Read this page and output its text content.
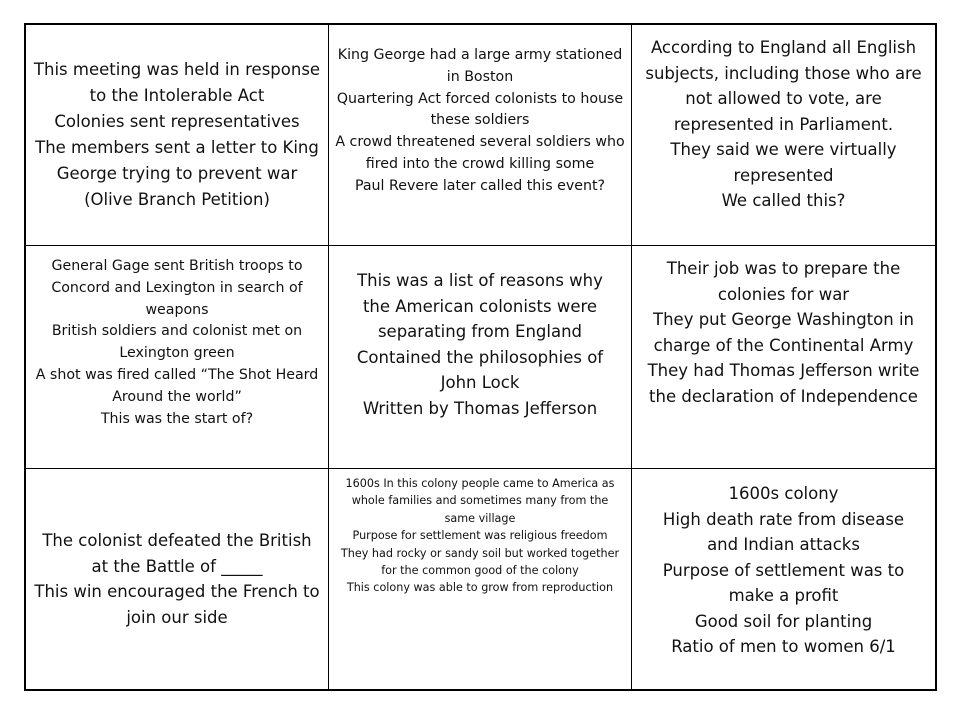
This meeting was held in response to the Intolerable Act
Colonies sent representatives
The members sent a letter to King George trying to prevent war (Olive Branch Petition)
King George had a large army stationed in Boston
Quartering Act forced colonists to house these soldiers
A crowd threatened several soldiers who fired into the crowd killing some
Paul Revere later called this event?
According to England all English subjects, including those who are not allowed to vote, are represented in Parliament.
They said we were virtually represented
We called this?
General Gage sent British troops to Concord and Lexington in search of weapons
British soldiers and colonist met on Lexington green
A shot was fired called “The Shot Heard Around the world”
This was the start of?
This was a list of reasons why the American colonists were separating from England
Contained the philosophies of John Lock
Written by Thomas Jefferson
Their job was to prepare the colonies for war
They put George Washington in charge of the Continental Army
They had Thomas Jefferson write the declaration of Independence
The colonist defeated the British at the Battle of _____
This win encouraged the French to join our side
1600s In this colony people came to America as whole families and sometimes many from the same village
Purpose for settlement was religious freedom
They had rocky or sandy soil but worked together for the common good of the colony
This colony was able to grow from reproduction
1600s colony
High death rate from disease and Indian attacks
Purpose of settlement was to make a profit
Good soil for planting
Ratio of men to women 6/1
